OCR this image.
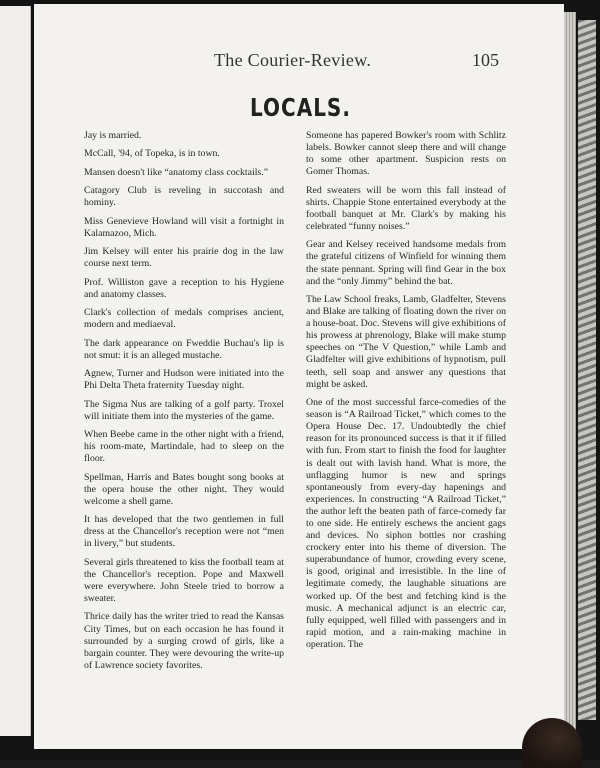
The Courier-Review.	105
LOCALS.

Jay is married.

McCall, '94, of Topeka, is in town.

Mansen doesn't like “anatomy class cocktails.”

Catagory Club is reveling in succotash and hominy.

Miss Genevieve Howland will visit a fortnight in Kalamazoo, Mich.

Jim Kelsey will enter his prairie dog in the law course next term.

Prof. Williston gave a reception to his Hygiene and anatomy classes.

Clark's collection of medals comprises ancient, modern and mediaeval.

The dark appearance on Fweddie Buchau's lip is not smut: it is an alleged mustache.

Agnew, Turner and Hudson were initiated into the Phi Delta Theta fraternity Tuesday night.

The Sigma Nus are talking of a golf party. Troxel will initiate them into the mysteries of the game.

When Beebe came in the other night with a friend, his room-mate, Martindale, had to sleep on the floor.

Spellman, Harris and Bates bought song books at the opera house the other night. They would welcome a shell game.

It has developed that the two gentlemen in full dress at the Chancellor's reception were not “men in livery,” but students.

Several girls threatened to kiss the football team at the Chancellor's reception. Pope and Maxwell were everywhere. John Steele tried to borrow a sweater.

Thrice daily has the writer tried to read the Kansas City Times, but on each occasion he has found it surrounded by a surging crowd of girls, like a bargain counter. They were devouring the write-up of Lawrence society favorites.

Someone has papered Bowker's room with Schlitz labels. Bowker cannot sleep there and will change to some other apartment. Suspicion rests on Gomer Thomas.

Red sweaters will be worn this fall instead of shirts. Chappie Stone entertained everybody at the football banquet at Mr. Clark's by making his celebrated “funny noises.”

Gear and Kelsey received handsome medals from the grateful citizens of Winfield for winning them the state pennant. Spring will find Gear in the box and the “only Jimmy” behind the bat.

The Law School freaks, Lamb, Gladfelter, Stevens and Blake are talking of floating down the river on a house-boat. Doc. Stevens will give exhibitions of his prowess at phrenology, Blake will make stump speeches on “The V Question,” while Lamb and Gladfelter will give exhibitions of hypnotism, pull teeth, sell soap and answer any questions that might be asked.

One of the most successful farce-comedies of the season is “A Railroad Ticket,” which comes to the Opera House Dec. 17. Undoubtedly the chief reason for its pronounced success is that it if filled with fun. From start to finish the food for laughter is dealt out with lavish hand. What is more, the unflagging humor is new and springs spontaneously from every-day hapenings and experiences. In constructing “A Railroad Ticket,” the author left the beaten path of farce-comedy far to one side. He entirely eschews the ancient gags and devices. No siphon bottles nor crashing crockery enter into his theme of diversion. The superabundance of humor, crowding every scene, is good, original and irresistible. In the line of legitimate comedy, the laughable situations are worked up. Of the best and fetching kind is the music. A mechanical adjunct is an electric car, fully equipped, well filled with passengers and in rapid motion, and a rain-making machine in operation. The
